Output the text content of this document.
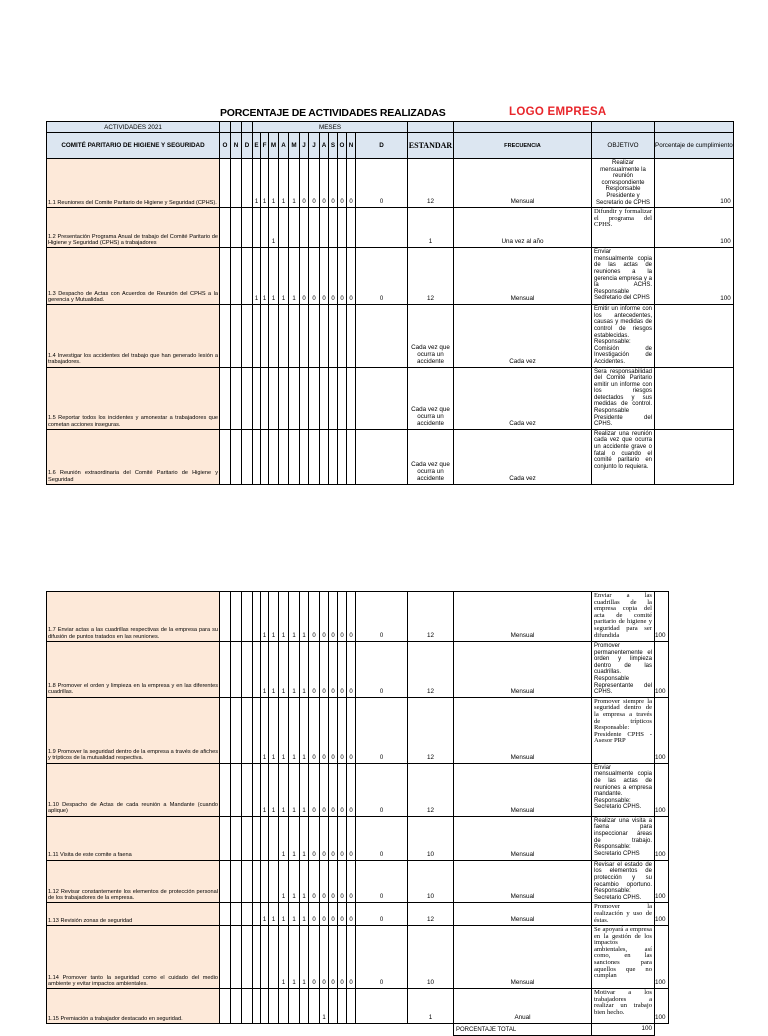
PORCENTAJE DE ACTIVIDADES REALIZADAS	LOGO EMPRESA
ACTIVIDADES 2021				MESES															
COMITÉ PARITARIO DE HIGIENE Y SEGURIDAD	O	N	D	E	F	M	A	M	J	J	A	S	O	N	D	ESTANDAR	FRECUENCIA	OBJETIVO	Porcentaje de cumplimiento
1.1 Reuniones del Comite Paritario de Higiene y Seguridad (CPHS).				1	1	1	1	1	0	0	0	0	0	0	0	12	Mensual	Realizar mensualmente la reunión correspondiente Responsable Presidente y Secretario de CPHS	100
1.2 Presentación Programa Anual de trabajo del Comité Paritario de Higiene y Seguridad (CPHS) a trabajadores						1										1	Una vez al año	Difundir y formalizar el programa del CPHS.	100
1.3 Despacho de Actas con Acuerdos de Reunión del CPHS a la gerencia y Mutualidad.				1	1	1	1	1	0	0	0	0	0	0	0	12	Mensual	Enviar mensualmente copia de las actas de reuniones a la gerencia empresa y a la ACHS. Responsable Sedretario del CPHS	100
1.4 Investigar los accidentes del trabajo que han generado lesión a trabajadores.																Cada vez que ocurra un accidente	Cada vez	Emitir un informe con los antecedentes, causas y medidas de control de riesgos establecidas. Responsable: Comisión de Investigación de Accidentes.	
1.5 Reportar todos los incidentes y amonestar a trabajadores que cometan acciones inseguras.																Cada vez que ocurra un accidente	Cada vez	Sera responsabilidad del Comité Paritario emitir un informe con los riesgos detectados y sus medidas de control. Responsable Presidente del CPHS.	
1.6 Reunión extraordinaria del Comité Paritario de Higiene y Seguridad																Cada vez que ocurra un accidente	Cada vez	Realizar una reunión cada vez que ocurra un accidente grave o fatal o cuando el comité paritario en conjunto lo requiera.	
1.7 Enviar actas a las cuadrillas respectivas de la empresa para su difusión de puntos tratados en las reuniones.					1	1	1	1	1	0	0	0	0	0	0	12	Mensual	Enviar a las cuadrillas de la empresa copia del acta de comité paritario de higiene y seguridad para ser difundida	100
1.8 Promover el orden y limpieza en la empresa y en las diferentes cuadrillas.					1	1	1	1	1	0	0	0	0	0	0	12	Mensual	Promover permanentemente el orden y limpieza dentro de las cuadrillas. Responsable Representante del CPHS.	100
1.9 Promover la seguridad dentro de la empresa a través de afiches y trípticos de la mutualidad respectiva.					1	1	1	1	1	0	0	0	0	0	0	12	Mensual	Promover siempre la seguridad dentro de la empresa a través de trípticos Responsable: Presidente CPHS - Asesor PRP	100
1.10 Despacho de Actas de cada reunión a Mandante (cuando aplique)					1	1	1	1	1	0	0	0	0	0	0	12	Mensual	Enviar mensualmente copia de las actas de reuniones a empresa mandante. Responsable: Secretario CPHS.	100
1.11 Visita de este comite a faena							1	1	1	0	0	0	0	0	0	10	Mensual	Realizar una visita a faena para inspeccionar áreas de trabajo. Responsable: Secretario CPHS	100
1.12 Revisar constantemente los elementos de protección personal de los trabajadores de la empresa.							1	1	1	0	0	0	0	0	0	10	Mensual	Revisar el estado de los elementos de protección y su recambio oportuno. Responsable: Secretario CPHS.	100
1.13 Revisión zonas de seguridad					1	1	1	1	1	0	0	0	0	0	0	12	Mensual	Promover la realización y uso de éstas.	100
1.14 Promover tanto la seguridad como el cuidado del medio ambiente y evitar impactos ambientales.							1	1	1	0	0	0	0	0	0	10	Mensual	Se apoyará a empresa en la gestión de los impactos ambientales, así como, en las sanciones para aquellos que no cumplan	100
1.15 Premiación a trabajador destacado en seguridad.											1					1	Anual	Motivar a los trabajadores a realizar un trabajo bien hecho.	100
																	PORCENTAJE TOTAL	100	
